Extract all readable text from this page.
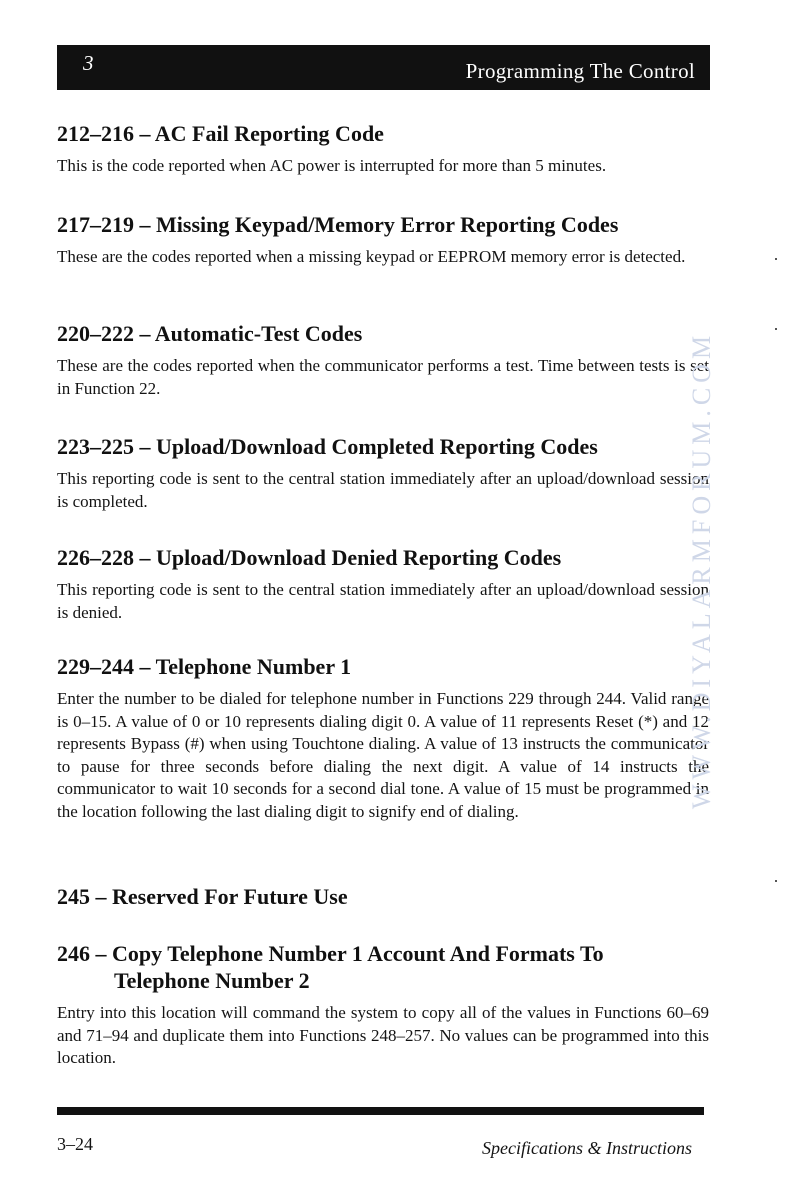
3	Programming The Control
212–216 – AC Fail Reporting Code

This is the code reported when AC power is interrupted for more than 5 minutes.

217–219 – Missing Keypad/Memory Error Reporting Codes

These are the codes reported when a missing keypad or EEPROM memory error is detected.

220–222 – Automatic-Test Codes

These are the codes reported when the communicator performs a test. Time between tests is set in Function 22.

223–225 – Upload/Download Completed Reporting Codes

This reporting code is sent to the central station immediately after an upload/download session is completed.

226–228 – Upload/Download Denied Reporting Codes

This reporting code is sent to the central station immediately after an upload/download session is denied.

229–244 – Telephone Number 1

Enter the number to be dialed for telephone number in Functions 229 through 244. Valid range is 0–15. A value of 0 or 10 represents dialing digit 0. A value of 11 represents Reset (*) and 12 represents Bypass (#) when using Touchtone dialing. A value of 13 instructs the communicator to pause for three seconds before dialing the next digit. A value of 14 instructs the communicator to wait 10 seconds for a second dial tone. A value of 15 must be programmed in the location following the last dialing digit to signify end of dialing.

245 – Reserved For Future Use
246 – Copy Telephone Number 1 Account And Formats To
Telephone Number 2

Entry into this location will command the system to copy all of the values in Functions 60–69 and 71–94 and duplicate them into Functions 248–257. No values can be programmed into this location.

WWW.DIYALARMFORUM.COM
3–24	Specifications & Instructions
